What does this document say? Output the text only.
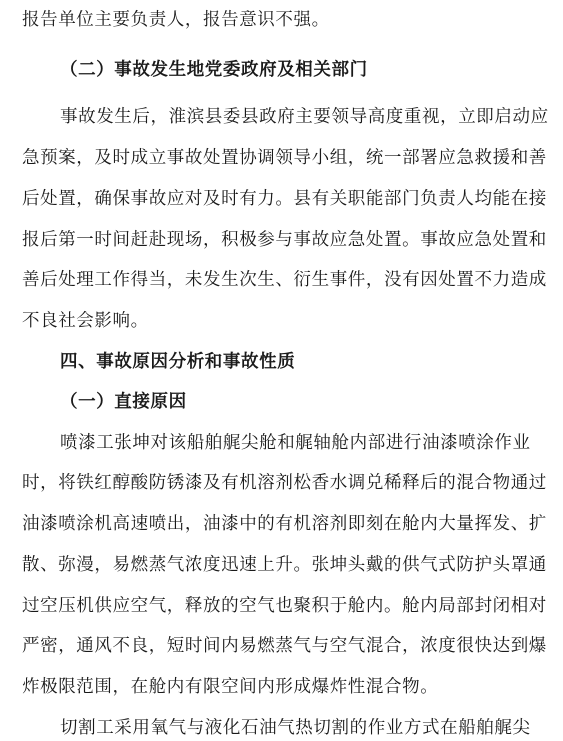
报告单位主要负责人，报告意识不强。
（二）事故发生地党委政府及相关部门
事故发生后，淮滨县委县政府主要领导高度重视，立即启动应
急预案，及时成立事故处置协调领导小组，统一部署应急救援和善
后处置，确保事故应对及时有力。县有关职能部门负责人均能在接
报后第一时间赶赴现场，积极参与事故应急处置。事故应急处置和
善后处理工作得当，未发生次生、衍生事件，没有因处置不力造成
不良社会影响。
四、事故原因分析和事故性质
（一）直接原因
喷漆工张坤对该船舶艉尖舱和艉轴舱内部进行油漆喷涂作业
时，将铁红醇酸防锈漆及有机溶剂松香水调兑稀释后的混合物通过
油漆喷涂机高速喷出，油漆中的有机溶剂即刻在舱内大量挥发、扩
散、弥漫，易燃蒸气浓度迅速上升。张坤头戴的供气式防护头罩通
过空压机供应空气，释放的空气也聚积于舱内。舱内局部封闭相对
严密，通风不良，短时间内易燃蒸气与空气混合，浓度很快达到爆
炸极限范围，在舱内有限空间内形成爆炸性混合物。
切割工采用氧气与液化石油气热切割的作业方式在船舶艉尖
